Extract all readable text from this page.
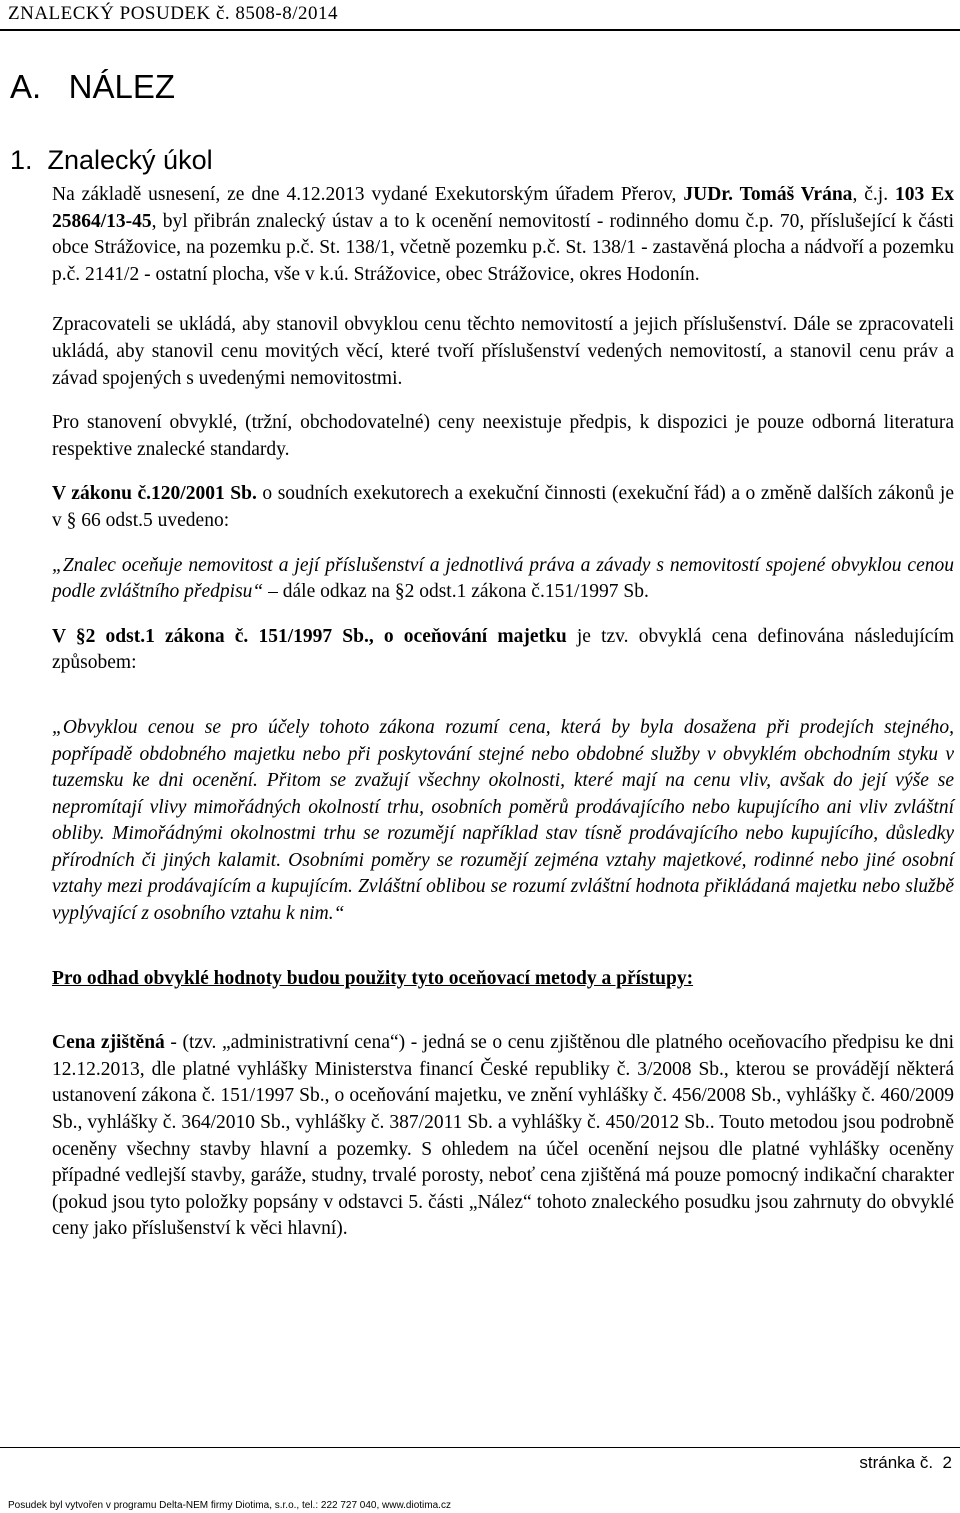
ZNALECKÝ POSUDEK č. 8508-8/2014
A.   NÁLEZ
1.  Znalecký úkol

Na základě usnesení, ze dne 4.12.2013 vydané Exekutorským úřadem Přerov, JUDr. Tomáš Vrána, č.j. 103 Ex 25864/13-45, byl přibrán znalecký ústav a to k ocenění nemovitostí - rodinného domu č.p. 70, příslušející k části obce Strážovice, na pozemku p.č. St. 138/1, včetně pozemku p.č. St. 138/1 - zastavěná plocha a nádvoří a pozemku p.č. 2141/2 - ostatní plocha, vše v k.ú. Strážovice, obec Strážovice, okres Hodonín.

Zpracovateli se ukládá, aby stanovil obvyklou cenu těchto nemovitostí a jejich příslušenství. Dále se zpracovateli ukládá, aby stanovil cenu movitých věcí, které tvoří příslušenství vedených nemovitostí, a stanovil cenu práv a závad spojených s uvedenými nemovitostmi.

Pro stanovení obvyklé, (tržní, obchodovatelné) ceny neexistuje předpis, k dispozici je pouze odborná literatura respektive znalecké standardy.

V zákonu č.120/2001 Sb. o soudních exekutorech a exekuční činnosti (exekuční řád) a o změně dalších zákonů je v § 66 odst.5 uvedeno:

„Znalec oceňuje nemovitost a její příslušenství a jednotlivá práva a závady s nemovitostí spojené obvyklou cenou podle zvláštního předpisu“ – dále odkaz na §2 odst.1 zákona č.151/1997 Sb.

V §2 odst.1 zákona č. 151/1997 Sb., o oceňování majetku je tzv. obvyklá cena definována následujícím způsobem:

„Obvyklou cenou se pro účely tohoto zákona rozumí cena, která by byla dosažena při prodejích stejného, popřípadě obdobného majetku nebo při poskytování stejné nebo obdobné služby v obvyklém obchodním styku v tuzemsku ke dni ocenění. Přitom se zvažují všechny okolnosti, které mají na cenu vliv, avšak do její výše se nepromítají vlivy mimořádných okolností trhu, osobních poměrů prodávajícího nebo kupujícího ani vliv zvláštní obliby. Mimořádnými okolnostmi trhu se rozumějí například stav tísně prodávajícího nebo kupujícího, důsledky přírodních či jiných kalamit. Osobními poměry se rozumějí zejména vztahy majetkové, rodinné nebo jiné osobní vztahy mezi prodávajícím a kupujícím. Zvláštní oblibou se rozumí zvláštní hodnota přikládaná majetku nebo službě vyplývající z osobního vztahu k nim.“

Pro odhad obvyklé hodnoty budou použity tyto oceňovací metody a přístupy:

Cena zjištěná - (tzv. „administrativní cena“) - jedná se o cenu zjištěnou dle platného oceňovacího předpisu ke dni 12.12.2013, dle platné vyhlášky Ministerstva financí České republiky č. 3/2008 Sb., kterou se provádějí některá ustanovení zákona č. 151/1997 Sb., o oceňování majetku, ve znění vyhlášky č. 456/2008 Sb., vyhlášky č. 460/2009 Sb., vyhlášky č. 364/2010 Sb., vyhlášky č. 387/2011 Sb. a vyhlášky č. 450/2012 Sb.. Touto metodou jsou podrobně oceněny všechny stavby hlavní a pozemky. S ohledem na účel ocenění nejsou dle platné vyhlášky oceněny případné vedlejší stavby, garáže, studny, trvalé porosty, neboť cena zjištěná má pouze pomocný indikační charakter (pokud jsou tyto položky popsány v odstavci 5. části „Nález“ tohoto znaleckého posudku jsou zahrnuty do obvyklé ceny jako příslušenství k věci hlavní).

stránka č.  2
Posudek byl vytvořen v programu Delta-NEM firmy Diotima, s.r.o., tel.: 222 727 040, www.diotima.cz
